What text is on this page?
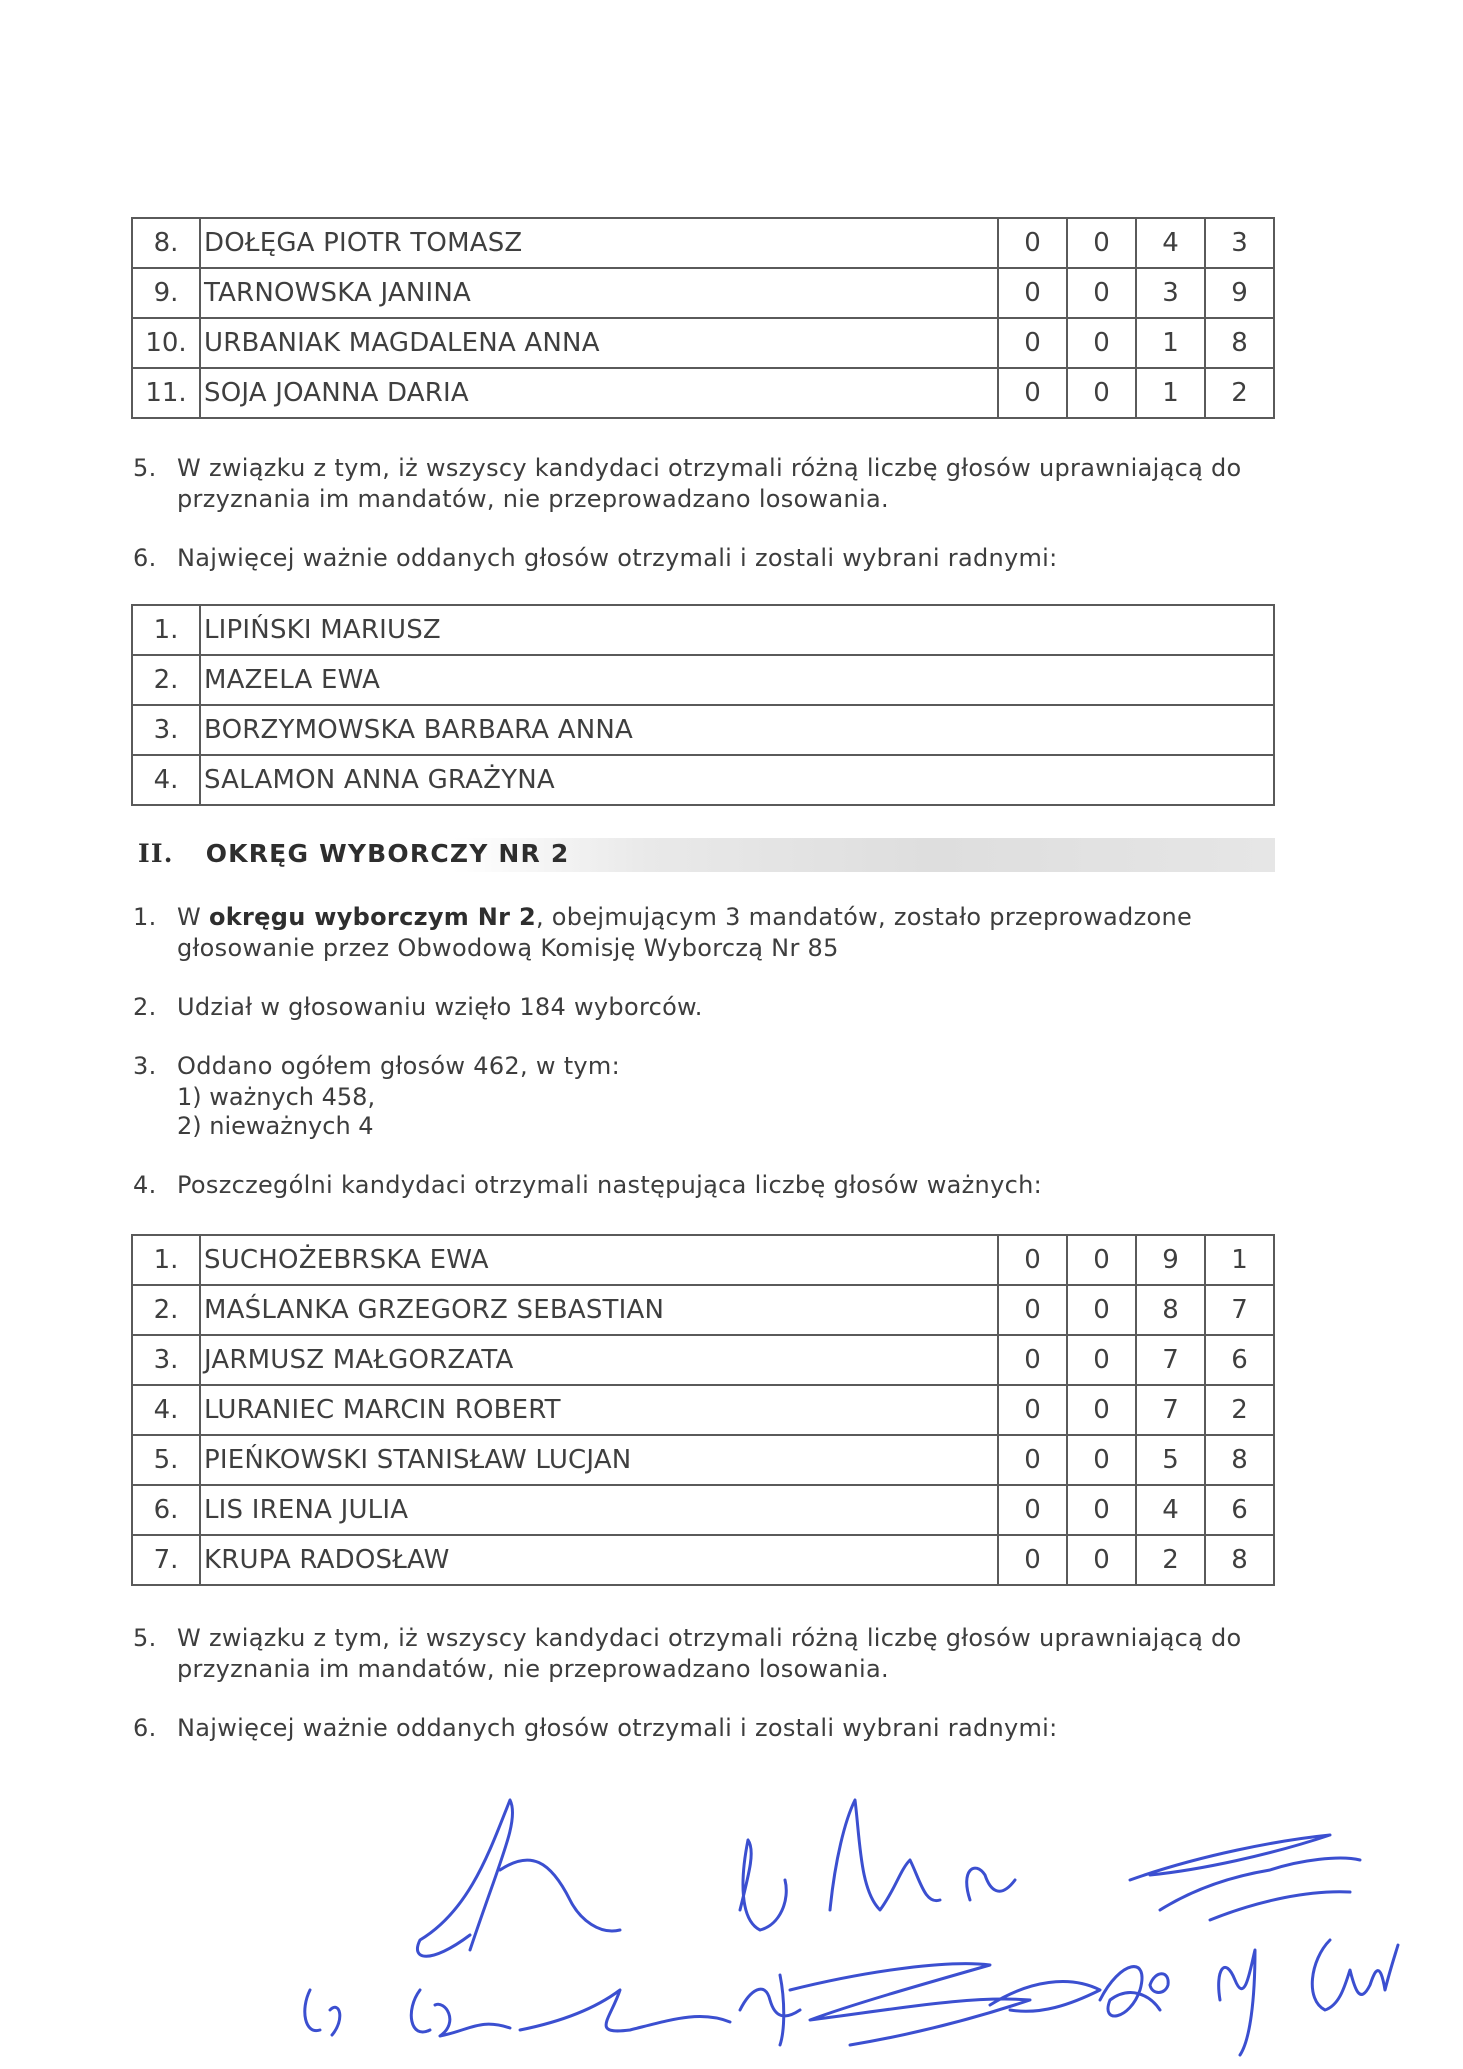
8.	DOŁĘGA PIOTR TOMASZ	0	0	4	3
9.	TARNOWSKA JANINA	0	0	3	9
10.	URBANIAK MAGDALENA ANNA	0	0	1	8
11.	SOJA JOANNA DARIA	0	0	1	2
5. W związku z tym, iż wszyscy kandydaci otrzymali różną liczbę głosów uprawniającą do
przyznania im mandatów, nie przeprowadzano losowania.
6. Najwięcej ważnie oddanych głosów otrzymali i zostali wybrani radnymi:
1.	LIPIŃSKI MARIUSZ
2.	MAZELA EWA
3.	BORZYMOWSKA BARBARA ANNA
4.	SALAMON ANNA GRAŻYNA
II. OKRĘG WYBORCZY NR 2
1. W okręgu wyborczym Nr 2, obejmującym 3 mandatów, zostało przeprowadzone
głosowanie przez Obwodową Komisję Wyborczą Nr 85
2. Udział w głosowaniu wzięło 184 wyborców.
3. Oddano ogółem głosów 462, w tym:
1) ważnych 458,
2) nieważnych 4
4. Poszczególni kandydaci otrzymali następująca liczbę głosów ważnych:
1.	SUCHOŻEBRSKA EWA	0	0	9	1
2.	MAŚLANKA GRZEGORZ SEBASTIAN	0	0	8	7
3.	JARMUSZ MAŁGORZATA	0	0	7	6
4.	LURANIEC MARCIN ROBERT	0	0	7	2
5.	PIEŃKOWSKI STANISŁAW LUCJAN	0	0	5	8
6.	LIS IRENA JULIA	0	0	4	6
7.	KRUPA RADOSŁAW	0	0	2	8
5. W związku z tym, iż wszyscy kandydaci otrzymali różną liczbę głosów uprawniającą do
przyznania im mandatów, nie przeprowadzano losowania.
6. Najwięcej ważnie oddanych głosów otrzymali i zostali wybrani radnymi:
